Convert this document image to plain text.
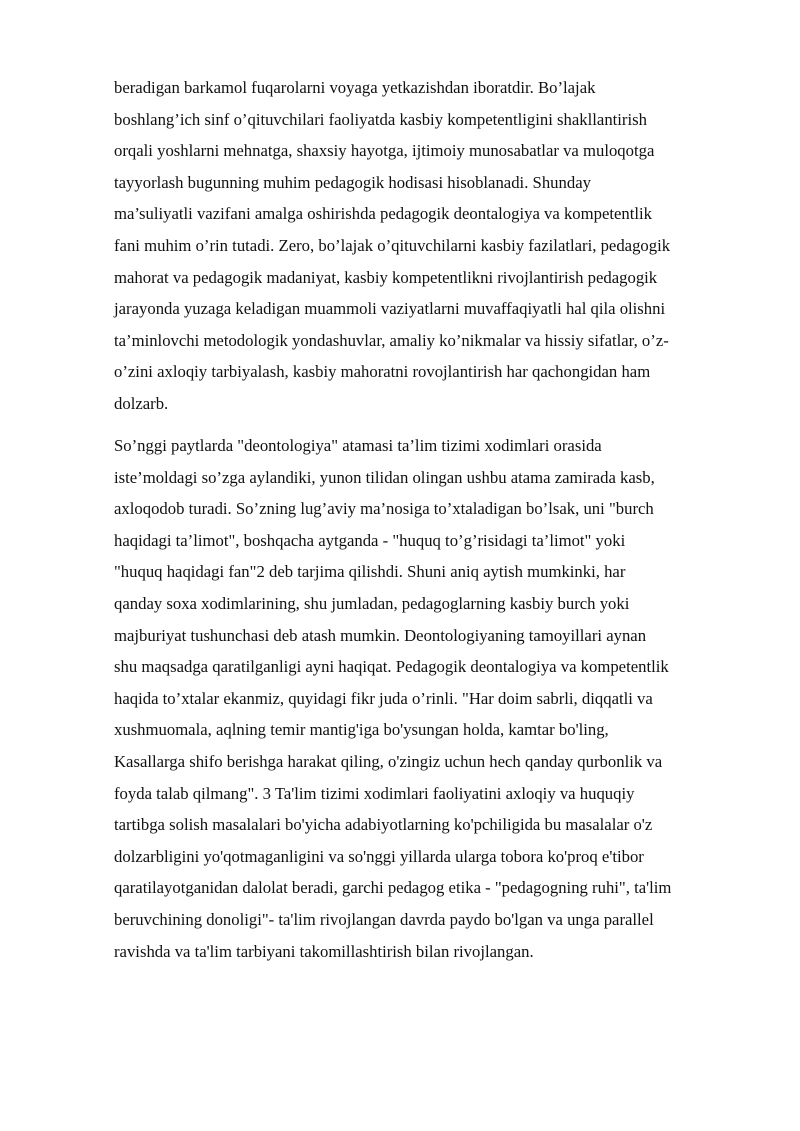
beradigan barkamol fuqarolarni voyaga yetkazishdan iboratdir. Bo’lajak
boshlang’ich sinf o’qituvchilari faoliyatda kasbiy kompetentligini shakllantirish
orqali yoshlarni mehnatga, shaxsiy hayotga, ijtimoiy munosabatlar va muloqotga
tayyorlash bugunning muhim pedagogik hodisasi hisoblanadi. Shunday
ma’suliyatli vazifani amalga oshirishda pedagogik deontalogiya va kompetentlik
fani muhim o’rin tutadi. Zero, bo’lajak o’qituvchilarni kasbiy fazilatlari, pedagogik
mahorat va pedagogik madaniyat, kasbiy kompetentlikni rivojlantirish pedagogik
jarayonda yuzaga keladigan muammoli vaziyatlarni muvaffaqiyatli hal qila olishni
ta’minlovchi metodologik yondashuvlar, amaliy ko’nikmalar va hissiy sifatlar, o’z-
o’zini axloqiy tarbiyalash, kasbiy mahoratni rovojlantirish har qachongidan ham
dolzarb.
So’nggi paytlarda "deontologiya" atamasi ta’lim tizimi xodimlari orasida
iste’moldagi so’zga aylandiki, yunon tilidan olingan ushbu atama zamirada kasb,
axloqodob turadi. So’zning lug’aviy ma’nosiga to’xtaladigan bo’lsak, uni "burch
haqidagi ta’limot", boshqacha aytganda - "huquq to’g’risidagi ta’limot" yoki
"huquq haqidagi fan"2 deb tarjima qilishdi. Shuni aniq aytish mumkinki, har
qanday soxa xodimlarining, shu jumladan, pedagoglarning kasbiy burch yoki
majburiyat tushunchasi deb atash mumkin. Deontologiyaning tamoyillari aynan
shu maqsadga qaratilganligi ayni haqiqat. Pedagogik deontalogiya va kompetentlik
haqida to’xtalar ekanmiz, quyidagi fikr juda o’rinli. "Har doim sabrli, diqqatli va
xushmuomala, aqlning temir mantig'iga bo'ysungan holda, kamtar bo'ling,
Kasallarga shifo berishga harakat qiling, o'zingiz uchun hech qanday qurbonlik va
foyda talab qilmang". 3 Ta'lim tizimi xodimlari faoliyatini axloqiy va huquqiy
tartibga solish masalalari bo'yicha adabiyotlarning ko'pchiligida bu masalalar o'z
dolzarbligini yo'qotmaganligini va so'nggi yillarda ularga tobora ko'proq e'tibor
qaratilayotganidan dalolat beradi, garchi pedagog etika - "pedagogning ruhi", ta'lim
beruvchining donoligi"- ta'lim rivojlangan davrda paydo bo'lgan va unga parallel
ravishda va ta'lim tarbiyani takomillashtirish bilan rivojlangan.
